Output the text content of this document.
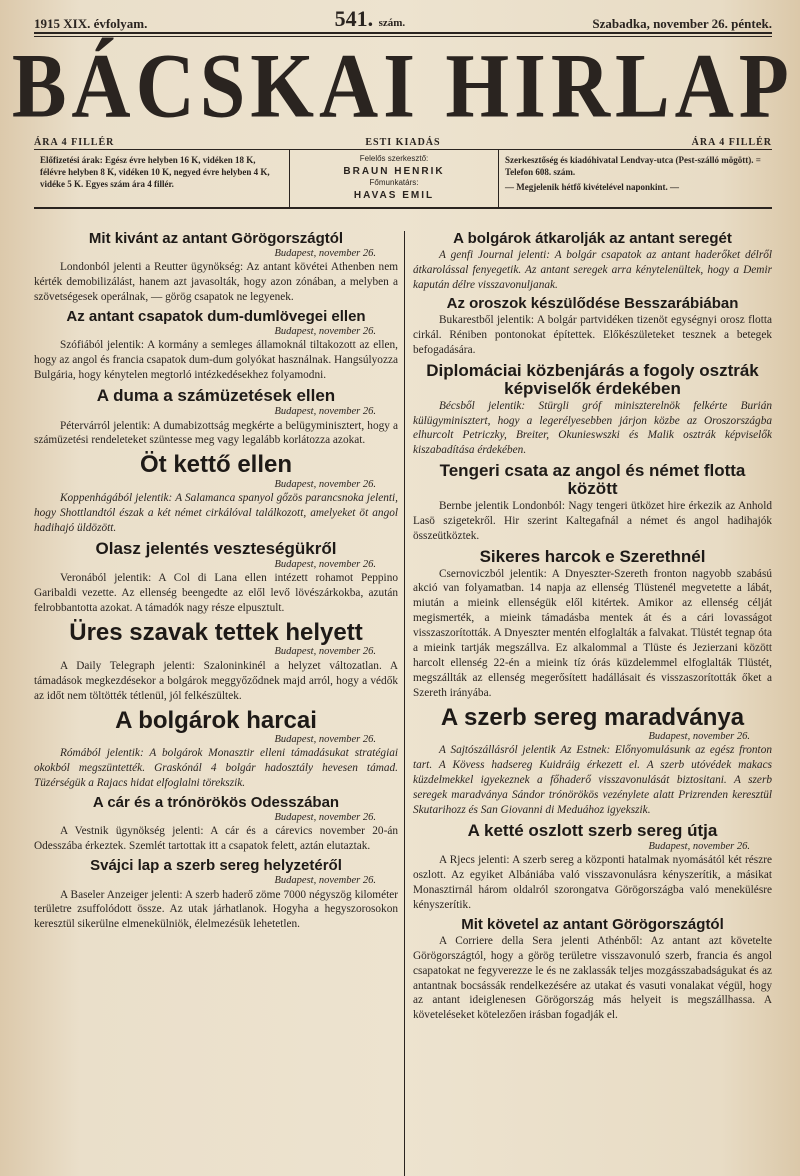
1915 XIX. évfolyam.	541. szám.	Szabadka, november 26. péntek.
BÁCSKAI HIRLAP
ÁRA 4 FILLÉR	ESTI KIADÁS	ÁRA 4 FILLÉR
Előfizetési árak: Egész évre helyben 16 K, vidéken 18 K, félévre helyben 8 K, vidéken 10 K, negyed évre helyben 4 K, vidéke 5 K. Egyes szám ára 4 fillér.
Felelős szerkesztő:
BRAUN HENRIK
Főmunkatárs:
HAVAS EMIL
Szerkesztőség és kiadóhivatal Lendvay-utca (Pest-szálló mögött). = Telefon 608. szám.
— Megjelenik hétfő kivételével naponkint. —
Mit kivánt az antant Görögországtól
Budapest, november 26.

Londonból jelenti a Reutter ügynökség: Az antant kövétei Athenben nem kérték demobilizálást, hanem azt javasolták, hogy azon zónában, a melyben a szövetségesek operálnak, — görög csapatok ne legyenek.

Az antant csapatok dum-dumlövegei ellen
Budapest, november 26.

Szófiából jelentik: A kormány a semleges államoknál tiltakozott az ellen, hogy az angol és francia csapatok dum-dum golyókat használnak. Hangsúlyozza Bulgária, hogy kénytelen megtorló intézkedésekhez folyamodni.

A duma a számüzetések ellen
Budapest, november 26.

Pétervárról jelentik: A dumabizottság megkérte a belügyminisztert, hogy a számüzetési rendeleteket szüntesse meg vagy legalább korlátozza azokat.

Öt kettő ellen
Budapest, november 26.

Koppenhágából jelentik: A Salamanca spanyol gőzös parancsnoka jelenti, hogy Shottlandtól észak a két német cirkálóval találkozott, amelyeket öt angol hadihajó üldözött.

Olasz jelentés veszteségükről
Budapest, november 26.

Veronából jelentik: A Col di Lana ellen intézett rohamot Peppino Garibaldi vezette. Az ellenség beengedte az elől levő lövészárkokba, azután felrobbantotta azokat. A támadók nagy része elpusztult.

Üres szavak tettek helyett
Budapest, november 26.

A Daily Telegraph jelenti: Szaloninkinél a helyzet változatlan. A támadások megkezdésekor a bolgárok meggyőződnek majd arról, hogy a védők az időt nem töltötték tétlenül, jól felkészültek.

A bolgárok harcai
Budapest, november 26.

Rómából jelentik: A bolgárok Monasztir elleni támadásukat stratégiai okokból megszüntették. Graskónál 4 bolgár hadosztály hevesen támad. Tüzérségük a Rajacs hidat elfoglalni törekszik.

A cár és a trónörökös Odesszában
Budapest, november 26.

A Vestnik ügynökség jelenti: A cár és a cárevics november 20-án Odesszába érkeztek. Szemlét tartottak itt a csapatok felett, aztán elutaztak.

Svájci lap a szerb sereg helyzetéről
Budapest, november 26.

A Baseler Anzeiger jelenti: A szerb haderő zöme 7000 négyszög kilométer területre zsuffolódott össze. Az utak járhatlanok. Hogyha a hegyszorosokon keresztül sikerülne elmenekülniök, élelmezésük lehetetlen.

A bolgárok átkarolják az antant seregét

A genfi Journal jelenti: A bolgár csapatok az antant haderőket délről átkarolással fenyegetik. Az antant seregek arra kénytelenültek, hogy a Demir kapután délre visszavonuljanak.

Az oroszok készülődése Besszarábiában

Bukarestből jelentik: A bolgár partvidéken tizenöt egységnyi orosz flotta cirkál. Réniben pontonokat építettek. Előkészületeket tesznek a betegek befogadására.

Diplomáciai közbenjárás a fogoly osztrák képviselők érdekében

Bécsből jelentik: Stürgli gróf miniszterelnök felkérte Burián külügyminisztert, hogy a legerélyesebben járjon közbe az Oroszországba elhurcolt Petriczky, Breiter, Okunieswszki és Malik osztrák képviselők kiszabadítása érdekében.

Tengeri csata az angol és német flotta között

Bernbe jelentik Londonból: Nagy tengeri ütközet hire érkezik az Anhold Lasö szigetekről. Hir szerint Kaltegafnál a német és angol hadihajók összeütköztek.

Sikeres harcok e Szerethnél

Csernoviczból jelentik: A Dnyeszter-Szereth fronton nagyobb szabású akció van folyamatban. 14 napja az ellenség Tlüstenél megvetette a lábát, miután a mieink ellenségük elől kitértek. Amikor az ellenség célját megismerték, a mieink támadásba mentek át és a cári lovasságot visszaszorították. A Dnyeszter mentén elfoglalták a falvakat. Tlüstét tegnap óta a mieink tartják megszállva. Ez alkalommal a Tlüste és Jezierzani között harcolt ellenség 22-én a mieink tíz órás küzdelemmel elfoglalták Tlüstét, megszállták az ellenség megerősített hadállásait és visszaszorították őket a Szereth irányába.

A szerb sereg maradványa
Budapest, november 26.

A Sajtószállásról jelentik Az Estnek: Előnyomulásunk az egész fronton tart. A Kövess hadsereg Kuidráig érkezett el. A szerb utóvédek makacs küzdelmekkel igyekeznek a főhaderő visszavonulását biztositani. A szerb seregek maradványa Sándor trónörökös vezénylete alatt Prizrenden keresztül Skutarihozz és San Giovanni di Meduához igyekszik.

A ketté oszlott szerb sereg útja
Budapest, november 26.

A Rjecs jelenti: A szerb sereg a központi hatalmak nyomásától két részre oszlott. Az egyiket Albániába való visszavonulásra kényszerítik, a másikat Monasztirnál három oldalról szorongatva Görögországba való menekülésre kényszerítik.

Mit követel az antant Görögországtól

A Corriere della Sera jelenti Athénből: Az antant azt követelte Görögországtól, hogy a görög területre visszavonuló szerb, francia és angol csapatokat ne fegyverezze le és ne zaklassák teljes mozgásszabadságukat és az antantnak bocsássák rendelkezésére az utakat és vasuti vonalakat végül, hogy az antant ideiglenesen Görögország más helyeit is megszállhassa. A követeléseket kötelezően irásban fogadják el.
